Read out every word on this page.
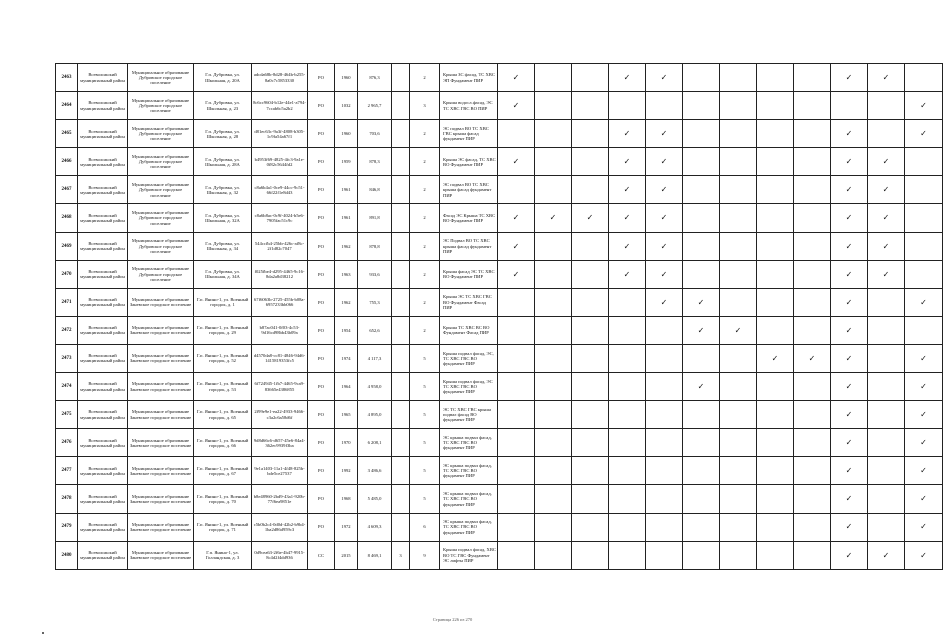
2463	Всеволожский муниципальный район	Муниципальное образование Дубровское городское поселение	Г.п. Дубровка, ул. Школьная, д. 20А	adcda68b-8d28-464b-b255-8a0c7c5853330	РО	1960	876,3		2	Крыша ЗС фасад, ТС ХВС ЭП Фундамент ПИР	✓			✓	✓					✓	✓	
2464	Всеволожский муниципальный район	Муниципальное образование Дубровское городское поселение	Г.п. Дубровка, ул. Школьная, д. 23	8c6cc9604-b12e-44e1-a794-7ccab6c5a2b2	РО	1032	2 965,7		3	Крыша водосл.фасад, ЭС ТС ХВС ГВС ВО ПИР	✓											✓
2465	Всеволожский муниципальный район	Муниципальное образование Дубровское городское поселение	Г.п. Дубровка, ул. Школьная, д. 28	d81ec63c-9a3f-4808-b305-1c9fa54a67f1	РО	1960	703,6		2	ЭС подвал ВО ТС ХВС ГВС крыша фасад фундамент ПИР				✓	✓					✓		✓
2466	Всеволожский муниципальный район	Муниципальное образование Дубровское городское поселение	Г.п. Дубровка, ул. Школьная, д. 28А	b4953f69-4825-4fc3-9a1e-0f82c5644fd2	РО	1959	878,3		2	Крыша ЭС фасад, ТС ХВС ВО Фундамент ПИР	✓			✓	✓					✓	✓	
2467	Всеволожский муниципальный район	Муниципальное образование Дубровское городское поселение	Г.п. Дубровка, ул. Школьная, д. 32	c8a6b4a1-0ce9-44cc-9c51-66f22f1e8d43	РО	1961	846,8		2	ЭС подвал ВО ТС ХВС крыша фасад фундамент ПИР				✓	✓					✓	✓	
2468	Всеволожский муниципальный район	Муниципальное образование Дубровское городское поселение	Г.п. Дубровка, ул. Школьная, д. 32А	c8a6b8ac-0c9f-4024-b5e6-7905fac51c9c	РО	1961	891,8		2	Фасад ЭС Крыша ТС ХВС ВО Фундамент ПИР	✓	✓	✓	✓	✓					✓	✓	
2469	Всеволожский муниципальный район	Муниципальное образование Дубровское городское поселение	Г.п. Дубровка, ул. Школьная, д. 34	544ccfb4-25bb-426c-af8c-2f1d82c7047	РО	1962	878,8		2	ЭС Подвал ВО ТС ХВС крыша фасад фундамент ПИР	✓			✓	✓					✓	✓	
2470	Всеволожский муниципальный район	Муниципальное образование Дубровское городское поселение	Г.п. Дубровка, ул. Школьная, д. 34А	f025fbe4-d295-4465-9c16-8da2a8d38212	РО	1963	933,6		2	Крыша фасад ЭС ТС ХВС ВО Фундамент ПИР	✓			✓	✓					✓	✓	
2471	Всеволожский муниципальный район	Муниципальное образование Заневское городское поселение	Г.п. Янино-1, ул. Военный городок, д. 1	67f6063b-2725-455b-b08a-6957233bb066	РО	1962	755,3		2	Крыша ЭС ТС ХВС ГВС ВО Фундамент Фасад ПИР					✓	✓				✓		✓
2472	Всеволожский муниципальный район	Муниципальное образование Заневское городское поселение	Г.п. Янино-1, ул. Военный городок, д. 29	b87ac041-0f03-4c53-9d16cd98bb43b09a	РО	1954	652,6		2	Крыша ТС ХВС ВС ВО Фундамент Фасад ПИР						✓	✓			✓		
2473	Всеволожский муниципальный район	Муниципальное образование Заневское городское поселение	Г.п. Янино-1, ул. Военный городок, д. 52	d4570da8-cc81-4846-94d6-1415819353fc5	РО	1974	4 117,3		5	Крыша подвал фасад, ЭС, ТС ХВС ГВС ВО фундамент ПИР								✓	✓	✓		✓
2474	Всеволожский муниципальный район	Муниципальное образование Заневское городское поселение	Г.п. Янино-1, ул. Военный городок, д. 53	6f724945-1fb7-4465-9ca9-83665e4386855	РО	1964	4 958,0		5	Крыша подвал фасад, ЭС ТС ХВС ГВС ВО фундамент ПИР						✓				✓		✓
2475	Всеволожский муниципальный район	Муниципальное образование Заневское городское поселение	Г.п. Янино-1, ул. Военный городок, д. 65	2f99e9e1-ea22-4933-9466-c3a2c6a58d6f	РО	1965	4 895,0		5	ЭС ТС ХВС ГВС крыша подвал фасад ВО фундамент ПИР										✓		✓
2476	Всеволожский муниципальный район	Муниципальное образование Заневское городское поселение	Г.п. Янино-1, ул. Военный городок, д. 66	9d8d66c6-d657-45e6-84a4-362ec9939f3ba	РО	1970	6 208,1		5	ЭС крыша подвал фасад, ТС ХВС ГВС ВО фундамент ПИР										✓		✓
2477	Всеволожский муниципальный район	Муниципальное образование Заневское городское поселение	Г.п. Янино-1, ул. Военный городок, д. 67	9e1a1403-11a1-4f48-825b-bde5ce27537	РО	1992	3 486,6		5	ЭС крыша подвал фасад, ТС ХВС ГВС ВО фундамент ПИР										✓		✓
2478	Всеволожский муниципальный район	Муниципальное образование Заневское городское поселение	Г.п. Янино-1, ул. Военный городок, д. 70	b8e48960-2bd9-43a1-920b-77f6ea9851e	РО	1968	5 485,0		5	ЭС крыша подвал фасад, ТС ХВС ГВС ВО фундамент ПИР										✓		✓
2479	Всеволожский муниципальный район	Муниципальное образование Заневское городское поселение	Г.п. Янино-1, ул. Военный городок, д. 71	c5b0b2c4-0d0d-42b2-b9b4-1ba2d86d959c3	РО	1972	4 609,3		6	ЭС крыша подвал фасад, ТС ХВС ГВС ВО фундамент ПИР										✓		✓
2480	Всеволожский муниципальный район	Муниципальное образование Заневское городское поселение	Г.п. Янино-1, ул. Голландская, д. 3	0d9cea63-2f6e-4b47-9915-8c4d2f4dd936	СС	2015	8 469,1	3	9	Крыша подвал фасад, ХВС ВО ТС ГВС Фундамент ЭС лифты ПИР										✓	✓	✓
Страница 226 из 270
